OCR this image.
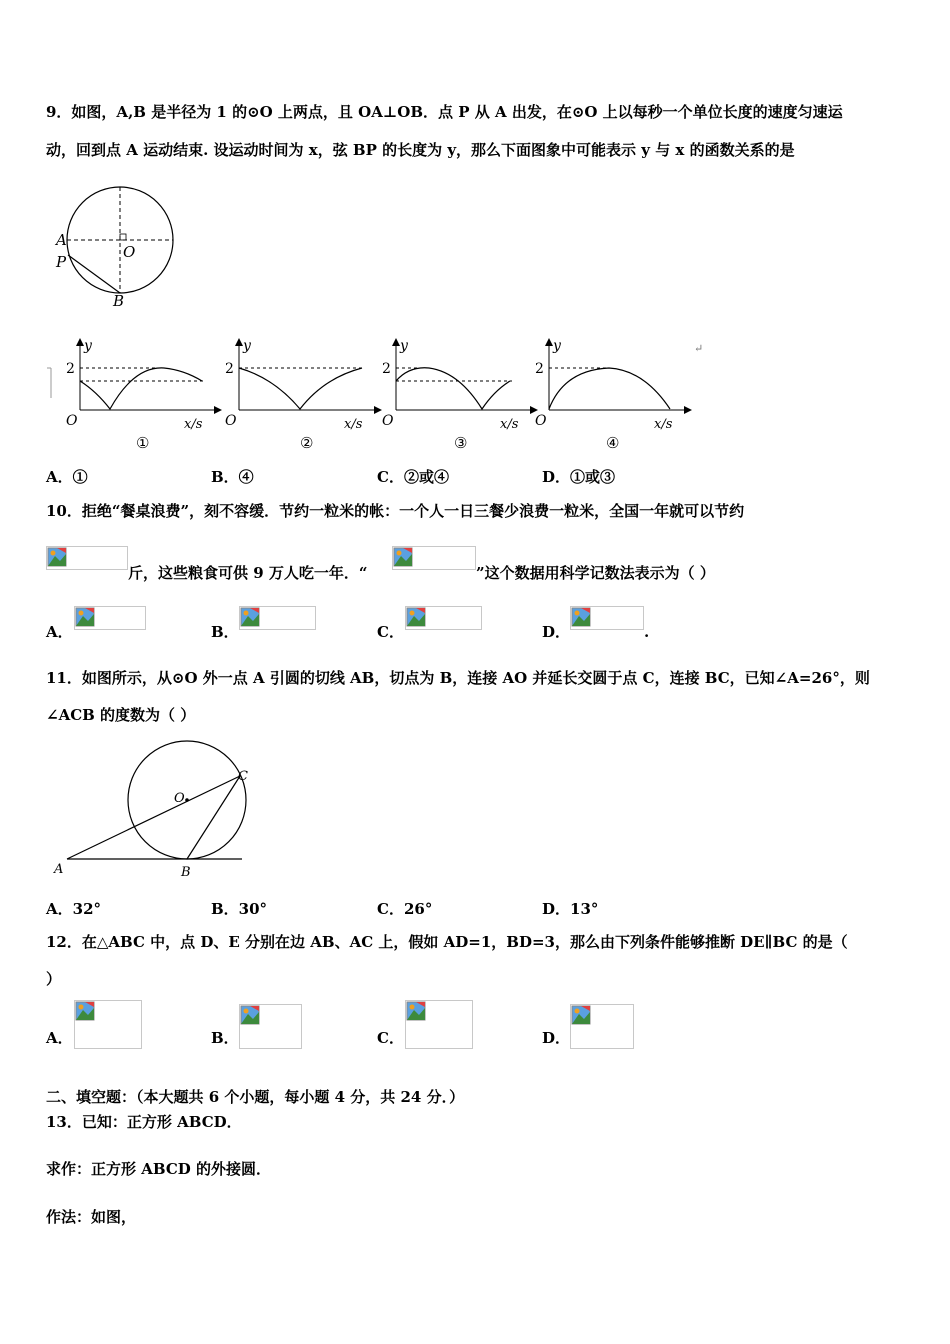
9．如图，A,B 是半径为 1 的⊙O 上两点，且 OA⊥OB．点 P 从 A 出发，在⊙O 上以每秒一个单位长度的速度匀速运
动，回到点 A 运动结束. 设运动时间为 x，弦 BP 的长度为 y，那么下面图象中可能表示 y 与 x 的函数关系的是
A
O
P
B
y
2
O	x/s
①
y
2
O	x/s
②
y
2
O	x/s
③
y
2
O	x/s
④
↵
A．①	B．④	C．②或④	D．①或③
10．拒绝“餐桌浪费”，刻不容缓．节约一粒米的帐：一个人一日三餐少浪费一粒米，全国一年就可以节约
斤，这些粮食可供 9 万人吃一年．“	”这个数据用科学记数法表示为（ ）
A．	B．	C．	D．	.
11．如图所示，从⊙O 外一点 A 引圆的切线 AB，切点为 B，连接 AO 并延长交圆于点 C，连接 BC，已知∠A=26°，则
∠ACB 的度数为（ ）
A
O
B
C
A．32°	B．30°	C．26°	D．13°
12．在△ABC 中，点 D、E 分别在边 AB、AC 上，假如 AD=1，BD=3，那么由下列条件能够推断 DE∥BC 的是（
）
A．	B．	C．	D．
二、填空题：（本大题共 6 个小题，每小题 4 分，共 24 分．）
13．已知：正方形 ABCD．
求作：正方形 ABCD 的外接圆．
作法：如图，
